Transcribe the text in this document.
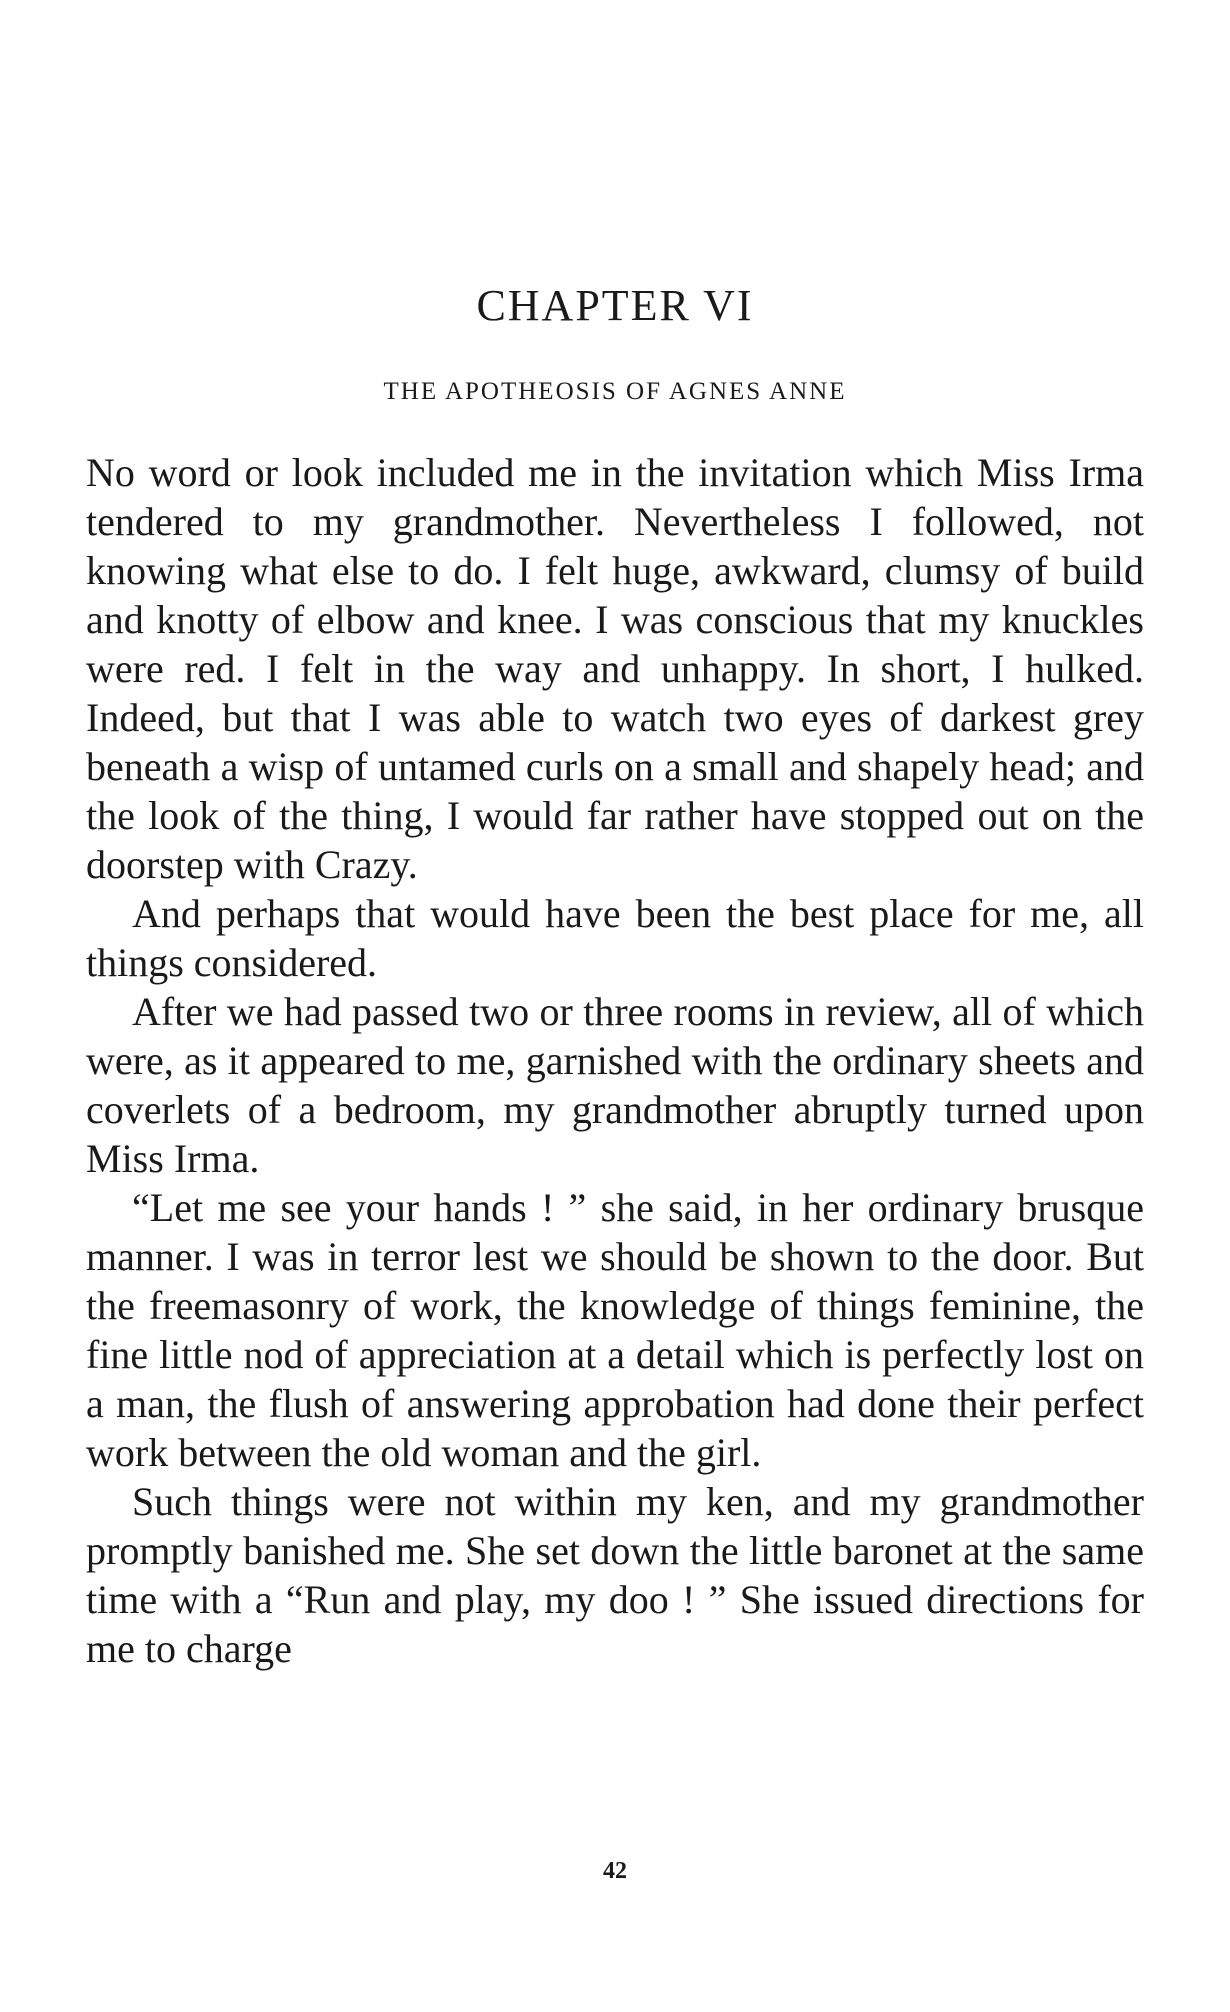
CHAPTER VI
THE APOTHEOSIS OF AGNES ANNE

No word or look included me in the invitation which Miss Irma tendered to my grandmother. Nevertheless I followed, not knowing what else to do. I felt huge, awkward, clumsy of build and knotty of elbow and knee. I was conscious that my knuckles were red. I felt in the way and unhappy. In short, I hulked. Indeed, but that I was able to watch two eyes of darkest grey beneath a wisp of untamed curls on a small and shapely head; and the look of the thing, I would far rather have stopped out on the doorstep with Crazy.

And perhaps that would have been the best place for me, all things considered.

After we had passed two or three rooms in review, all of which were, as it appeared to me, garnished with the ordinary sheets and coverlets of a bedroom, my grandmother abruptly turned upon Miss Irma.

“Let me see your hands ! ” she said, in her ordinary brusque manner. I was in terror lest we should be shown to the door. But the freemasonry of work, the knowledge of things feminine, the fine little nod of appreciation at a detail which is perfectly lost on a man, the flush of answering approbation had done their perfect work between the old woman and the girl.

Such things were not within my ken, and my grandmother promptly banished me. She set down the little baronet at the same time with a “Run and play, my doo ! ” She issued directions for me to charge

42
